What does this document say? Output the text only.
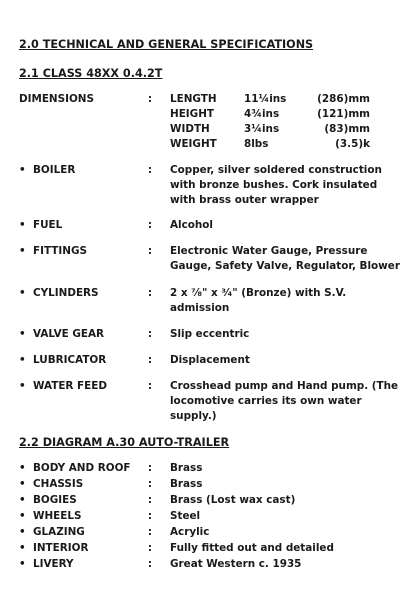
2.0 TECHNICAL AND GENERAL SPECIFICATIONS
2.1 CLASS 48XX 0.4.2T
DIMENSIONS	: LENGTH	11¼ins	(286)mm
HEIGHT	4¾ins	(121)mm
WIDTH	3¼ins	(83)mm
WEIGHT	8lbs	(3.5)k
• BOILER	: Copper, silver soldered construction
with bronze bushes. Cork insulated
with brass outer wrapper
• FUEL	: Alcohol
• FITTINGS	: Electronic Water Gauge, Pressure
Gauge, Safety Valve, Regulator, Blower
• CYLINDERS	: 2 x ⁷⁄₈" x ³⁄₄" (Bronze) with S.V.
admission
• VALVE GEAR	: Slip eccentric
• LUBRICATOR	: Displacement
• WATER FEED	: Crosshead pump and Hand pump. (The
locomotive carries its own water
supply.)
2.2 DIAGRAM A.30 AUTO-TRAILER
• BODY AND ROOF : Brass
• CHASSIS	: Brass
• BOGIES	: Brass (Lost wax cast)
• WHEELS	: Steel
• GLAZING	: Acrylic
• INTERIOR	: Fully fitted out and detailed
• LIVERY	: Great Western c. 1935
